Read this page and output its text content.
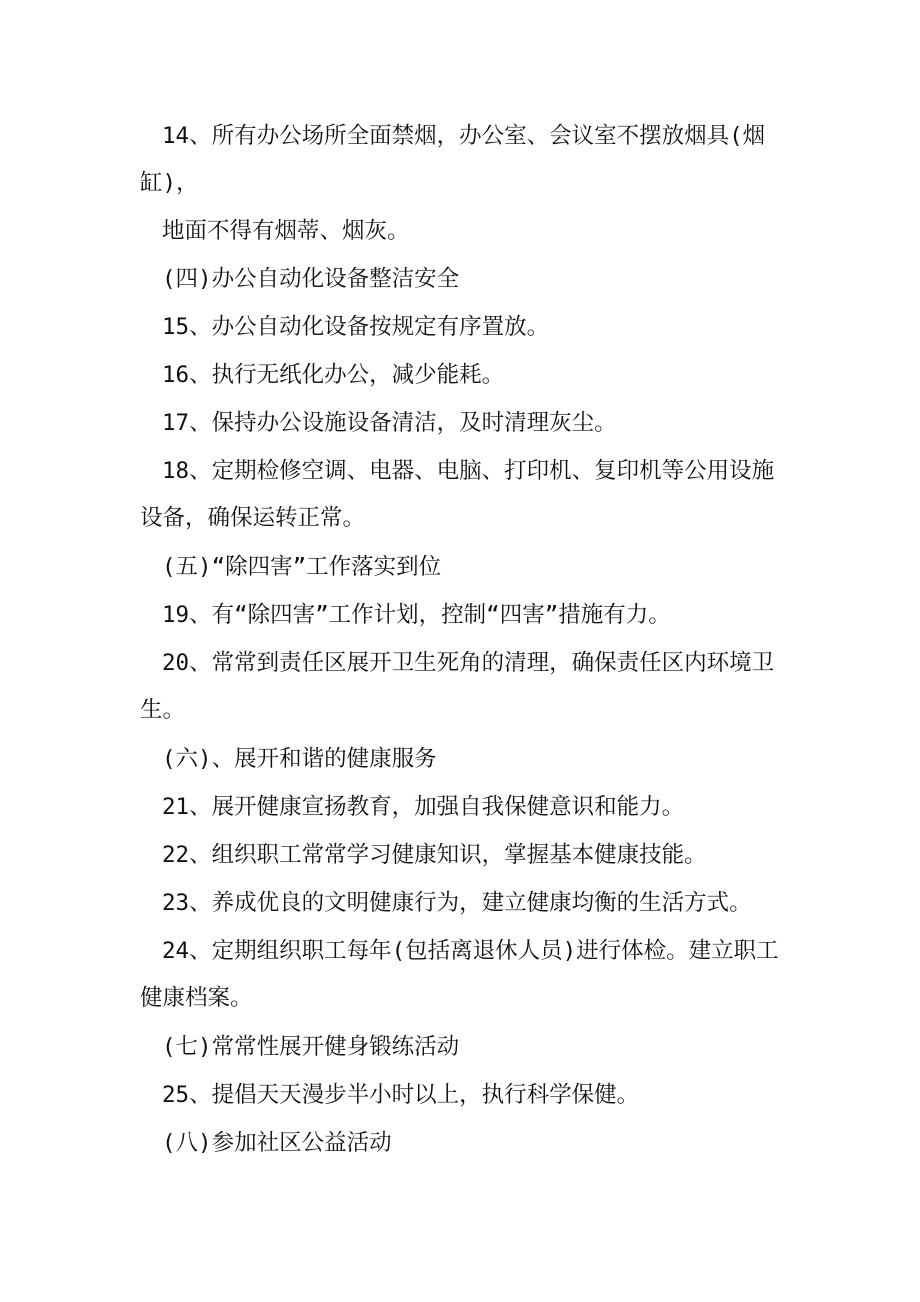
14、所有办公场所全面禁烟，办公室、会议室不摆放烟具(烟缸)，

地面不得有烟蒂、烟灰。

(四)办公自动化设备整洁安全

15、办公自动化设备按规定有序置放。

16、执行无纸化办公，减少能耗。

17、保持办公设施设备清洁，及时清理灰尘。

18、定期检修空调、电器、电脑、打印机、复印机等公用设施设备，确保运转正常。

(五)“除四害”工作落实到位

19、有“除四害”工作计划，控制“四害”措施有力。

20、常常到责任区展开卫生死角的清理，确保责任区内环境卫生。

(六)、展开和谐的健康服务

21、展开健康宣扬教育，加强自我保健意识和能力。

22、组织职工常常学习健康知识，掌握基本健康技能。

23、养成优良的文明健康行为，建立健康均衡的生活方式。

24、定期组织职工每年(包括离退休人员)进行体检。建立职工健康档案。

(七)常常性展开健身锻练活动

25、提倡天天漫步半小时以上，执行科学保健。

(八)参加社区公益活动
